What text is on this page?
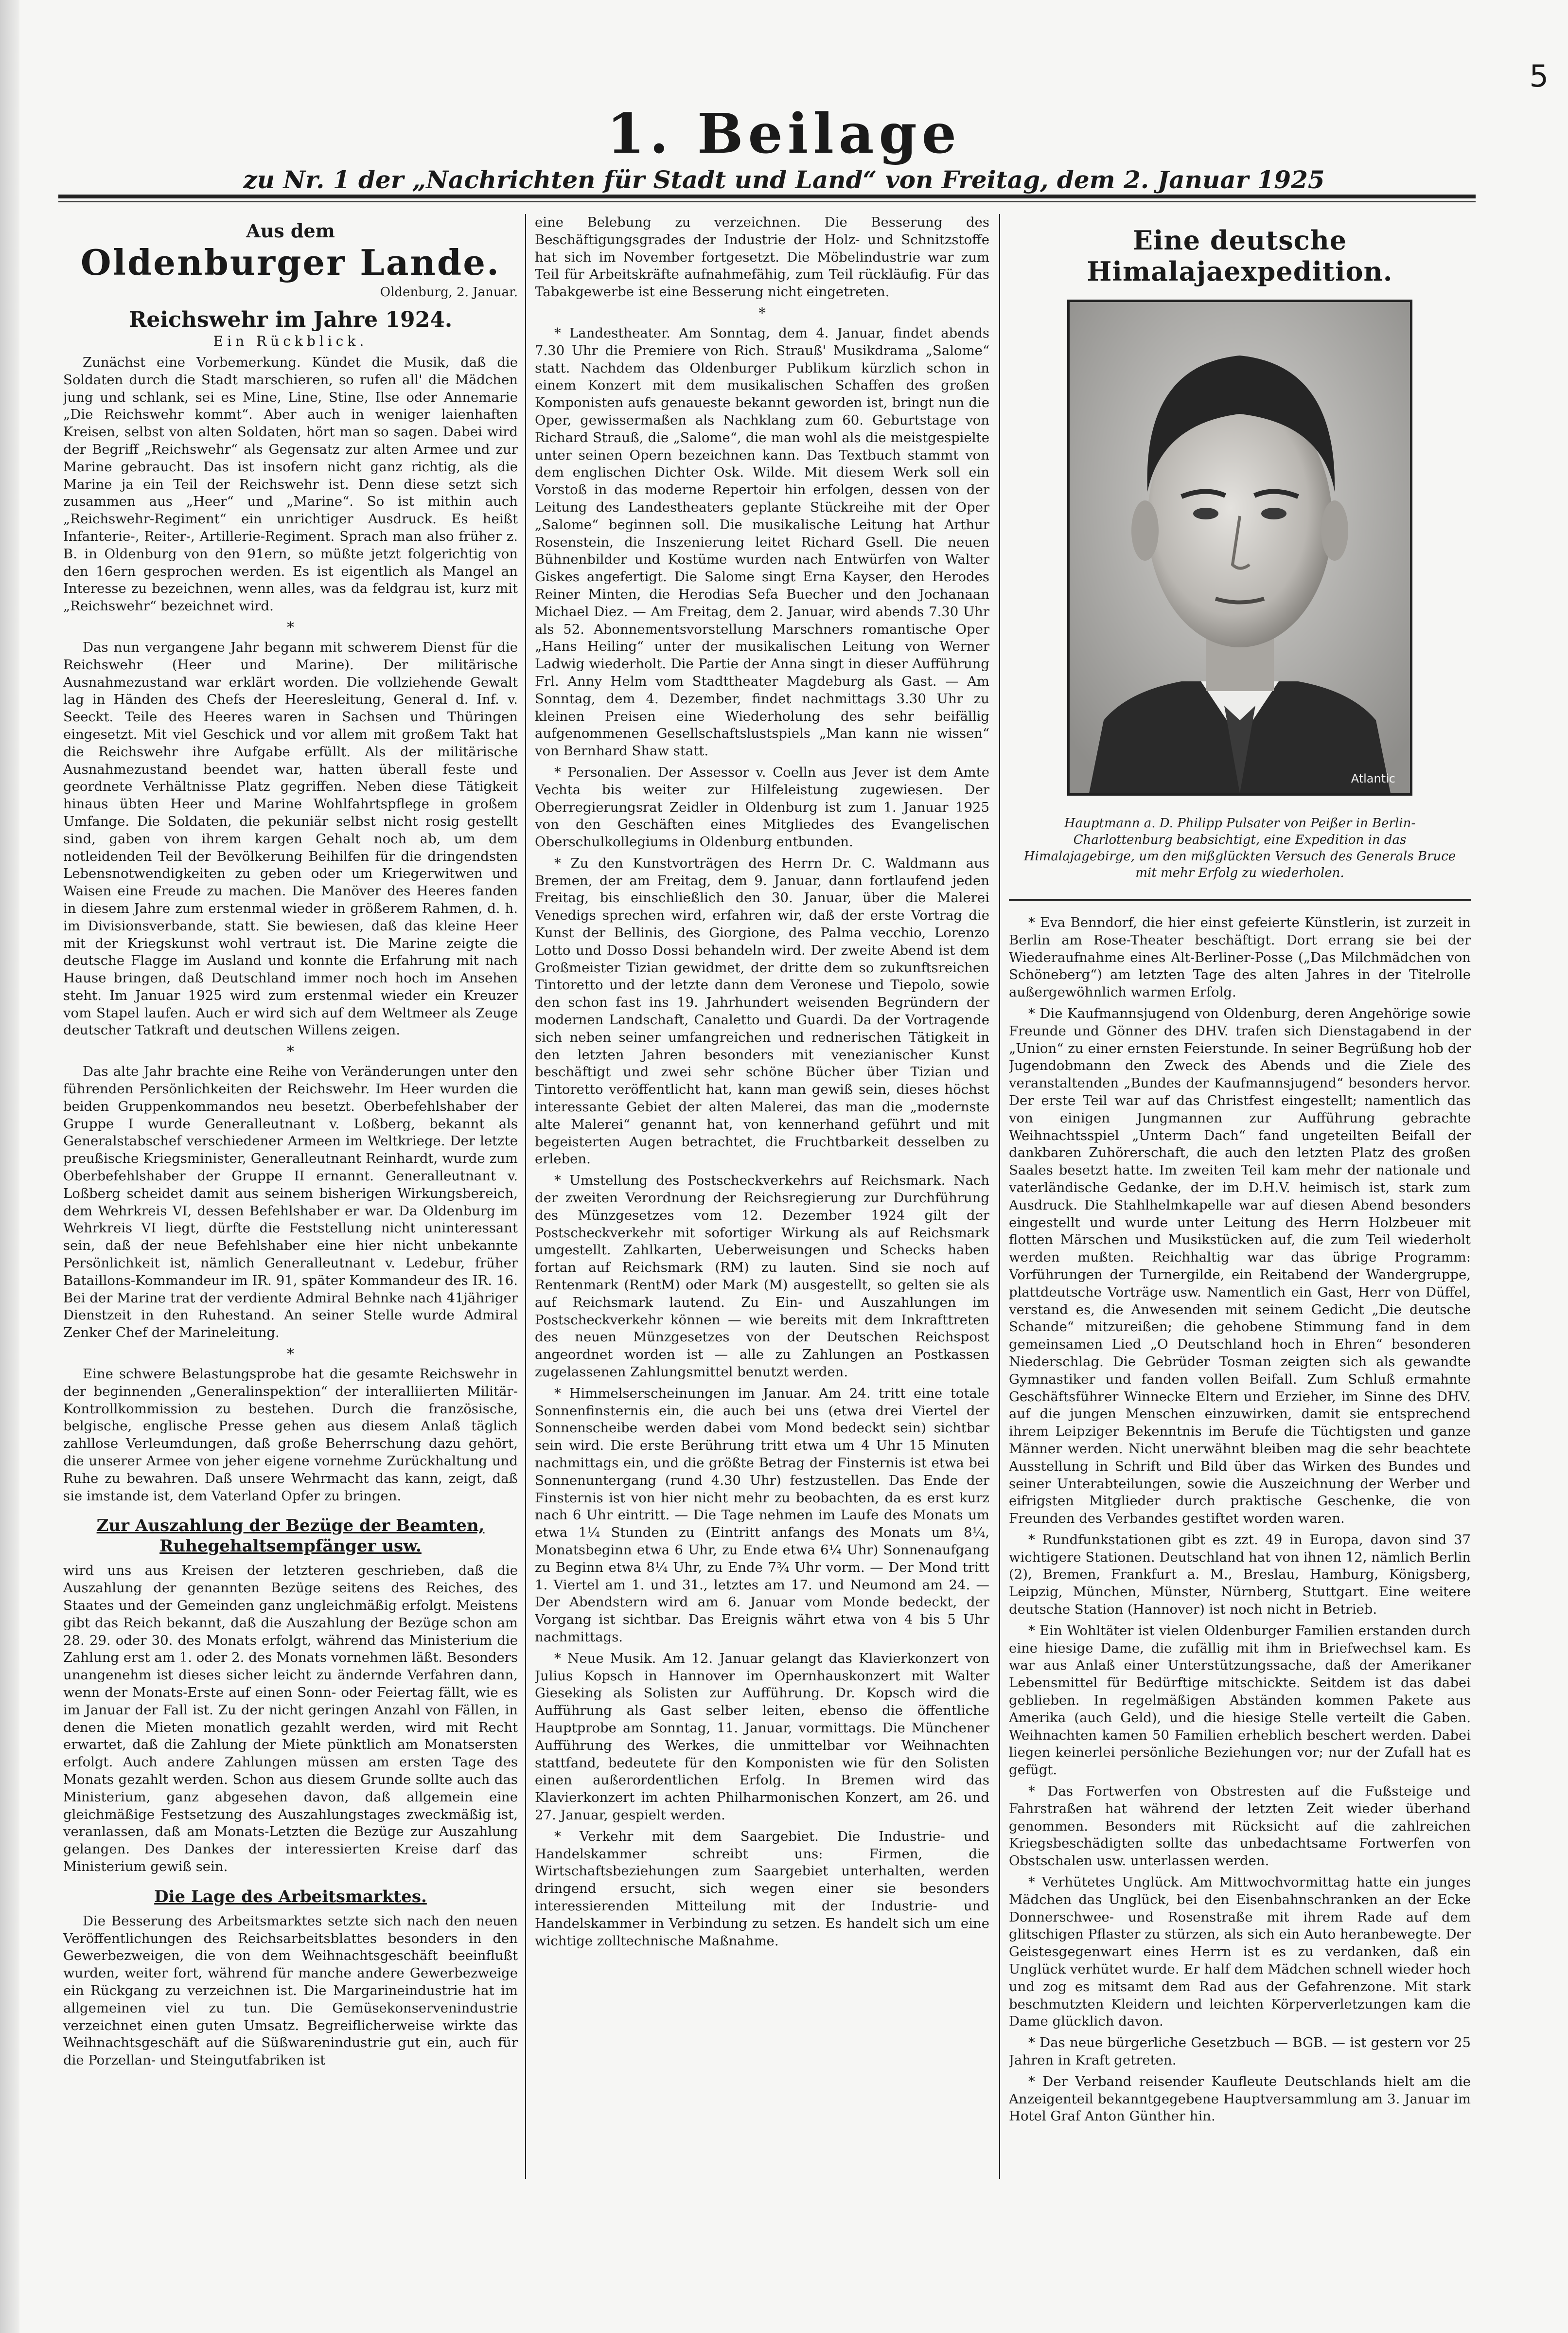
5
1. Beilage
zu Nr. 1 der „Nachrichten für Stadt und Land“ von Freitag, dem 2. Januar 1925
Aus dem
Oldenburger Lande.
Oldenburg, 2. Januar.
Reichswehr im Jahre 1924.
Ein Rückblick.

Zunächst eine Vorbemerkung. Kündet die Musik, daß die Soldaten durch die Stadt marschieren, so rufen all' die Mädchen jung und schlank, sei es Mine, Line, Stine, Ilse oder Annemarie „Die Reichswehr kommt“. Aber auch in weniger laienhaften Kreisen, selbst von alten Soldaten, hört man so sagen. Dabei wird der Begriff „Reichswehr“ als Gegensatz zur alten Armee und zur Marine gebraucht. Das ist insofern nicht ganz richtig, als die Marine ja ein Teil der Reichswehr ist. Denn diese setzt sich zusammen aus „Heer“ und „Marine“. So ist mithin auch „Reichswehr-Regiment“ ein unrichtiger Ausdruck. Es heißt Infanterie-, Reiter-, Artillerie-Regiment. Sprach man also früher z. B. in Oldenburg von den 91ern, so müßte jetzt folgerichtig von den 16ern gesprochen werden. Es ist eigentlich als Mangel an Interesse zu bezeichnen, wenn alles, was da feldgrau ist, kurz mit „Reichswehr“ bezeichnet wird.

*

Das nun vergangene Jahr begann mit schwerem Dienst für die Reichswehr (Heer und Marine). Der militärische Ausnahmezustand war erklärt worden. Die vollziehende Gewalt lag in Händen des Chefs der Heeresleitung, General d. Inf. v. Seeckt. Teile des Heeres waren in Sachsen und Thüringen eingesetzt. Mit viel Geschick und vor allem mit großem Takt hat die Reichswehr ihre Aufgabe erfüllt. Als der militärische Ausnahmezustand beendet war, hatten überall feste und geordnete Verhältnisse Platz gegriffen. Neben diese Tätigkeit hinaus übten Heer und Marine Wohlfahrtspflege in großem Umfange. Die Soldaten, die pekuniär selbst nicht rosig gestellt sind, gaben von ihrem kargen Gehalt noch ab, um dem notleidenden Teil der Bevölkerung Beihilfen für die dringendsten Lebensnotwendigkeiten zu geben oder um Kriegerwitwen und Waisen eine Freude zu machen. Die Manöver des Heeres fanden in diesem Jahre zum erstenmal wieder in größerem Rahmen, d. h. im Divisionsverbande, statt. Sie bewiesen, daß das kleine Heer mit der Kriegskunst wohl vertraut ist. Die Marine zeigte die deutsche Flagge im Ausland und konnte die Erfahrung mit nach Hause bringen, daß Deutschland immer noch hoch im Ansehen steht. Im Januar 1925 wird zum erstenmal wieder ein Kreuzer vom Stapel laufen. Auch er wird sich auf dem Weltmeer als Zeuge deutscher Tatkraft und deutschen Willens zeigen.

*

Das alte Jahr brachte eine Reihe von Veränderungen unter den führenden Persönlichkeiten der Reichswehr. Im Heer wurden die beiden Gruppenkommandos neu besetzt. Oberbefehlshaber der Gruppe I wurde Generalleutnant v. Loßberg, bekannt als Generalstabschef verschiedener Armeen im Weltkriege. Der letzte preußische Kriegsminister, Generalleutnant Reinhardt, wurde zum Oberbefehlshaber der Gruppe II ernannt. Generalleutnant v. Loßberg scheidet damit aus seinem bisherigen Wirkungsbereich, dem Wehrkreis VI, dessen Befehlshaber er war. Da Oldenburg im Wehrkreis VI liegt, dürfte die Feststellung nicht uninteressant sein, daß der neue Befehlshaber eine hier nicht unbekannte Persönlichkeit ist, nämlich Generalleutnant v. Ledebur, früher Bataillons-Kommandeur im IR. 91, später Kommandeur des IR. 16. Bei der Marine trat der verdiente Admiral Behnke nach 41jähriger Dienstzeit in den Ruhestand. An seiner Stelle wurde Admiral Zenker Chef der Marineleitung.

*

Eine schwere Belastungsprobe hat die gesamte Reichswehr in der beginnenden „Generalinspektion“ der interalliierten Militär-Kontrollkommission zu bestehen. Durch die französische, belgische, englische Presse gehen aus diesem Anlaß täglich zahllose Verleumdungen, daß große Beherrschung dazu gehört, die unserer Armee von jeher eigene vornehme Zurückhaltung und Ruhe zu bewahren. Daß unsere Wehrmacht das kann, zeigt, daß sie imstande ist, dem Vaterland Opfer zu bringen.

Zur Auszahlung der Bezüge der Beamten, Ruhegehaltsempfänger usw.

wird uns aus Kreisen der letzteren geschrieben, daß die Auszahlung der genannten Bezüge seitens des Reiches, des Staates und der Gemeinden ganz ungleichmäßig erfolgt. Meistens gibt das Reich bekannt, daß die Auszahlung der Bezüge schon am 28. 29. oder 30. des Monats erfolgt, während das Ministerium die Zahlung erst am 1. oder 2. des Monats vornehmen läßt. Besonders unangenehm ist dieses sicher leicht zu ändernde Verfahren dann, wenn der Monats-Erste auf einen Sonn- oder Feiertag fällt, wie es im Januar der Fall ist. Zu der nicht geringen Anzahl von Fällen, in denen die Mieten monatlich gezahlt werden, wird mit Recht erwartet, daß die Zahlung der Miete pünktlich am Monatsersten erfolgt. Auch andere Zahlungen müssen am ersten Tage des Monats gezahlt werden. Schon aus diesem Grunde sollte auch das Ministerium, ganz abgesehen davon, daß allgemein eine gleichmäßige Festsetzung des Auszahlungstages zweckmäßig ist, veranlassen, daß am Monats-Letzten die Bezüge zur Auszahlung gelangen. Des Dankes der interessierten Kreise darf das Ministerium gewiß sein.

Die Lage des Arbeitsmarktes.

Die Besserung des Arbeitsmarktes setzte sich nach den neuen Veröffentlichungen des Reichsarbeitsblattes besonders in den Gewerbezweigen, die von dem Weihnachtsgeschäft beeinflußt wurden, weiter fort, während für manche andere Gewerbezweige ein Rückgang zu verzeichnen ist. Die Margarineindustrie hat im allgemeinen viel zu tun. Die Gemüsekonservenindustrie verzeichnet einen guten Umsatz. Begreiflicherweise wirkte das Weihnachtsgeschäft auf die Süßwarenindustrie gut ein, auch für die Porzellan- und Steingutfabriken ist

eine Belebung zu verzeichnen. Die Besserung des Beschäftigungsgrades der Industrie der Holz- und Schnitzstoffe hat sich im November fortgesetzt. Die Möbelindustrie war zum Teil für Arbeitskräfte aufnahmefähig, zum Teil rückläufig. Für das Tabakgewerbe ist eine Besserung nicht eingetreten.

*

* Landestheater. Am Sonntag, dem 4. Januar, findet abends 7.30 Uhr die Premiere von Rich. Strauß' Musikdrama „Salome“ statt. Nachdem das Oldenburger Publikum kürzlich schon in einem Konzert mit dem musikalischen Schaffen des großen Komponisten aufs genaueste bekannt geworden ist, bringt nun die Oper, gewissermaßen als Nachklang zum 60. Geburtstage von Richard Strauß, die „Salome“, die man wohl als die meistgespielte unter seinen Opern bezeichnen kann. Das Textbuch stammt von dem englischen Dichter Osk. Wilde. Mit diesem Werk soll ein Vorstoß in das moderne Repertoir hin erfolgen, dessen von der Leitung des Landestheaters geplante Stückreihe mit der Oper „Salome“ beginnen soll. Die musikalische Leitung hat Arthur Rosenstein, die Inszenierung leitet Richard Gsell. Die neuen Bühnenbilder und Kostüme wurden nach Entwürfen von Walter Giskes angefertigt. Die Salome singt Erna Kayser, den Herodes Reiner Minten, die Herodias Sefa Buecher und den Jochanaan Michael Diez. — Am Freitag, dem 2. Januar, wird abends 7.30 Uhr als 52. Abonnementsvorstellung Marschners romantische Oper „Hans Heiling“ unter der musikalischen Leitung von Werner Ladwig wiederholt. Die Partie der Anna singt in dieser Aufführung Frl. Anny Helm vom Stadttheater Magdeburg als Gast. — Am Sonntag, dem 4. Dezember, findet nachmittags 3.30 Uhr zu kleinen Preisen eine Wiederholung des sehr beifällig aufgenommenen Gesellschaftslustspiels „Man kann nie wissen“ von Bernhard Shaw statt.

* Personalien. Der Assessor v. Coelln aus Jever ist dem Amte Vechta bis weiter zur Hilfeleistung zugewiesen. Der Oberregierungsrat Zeidler in Oldenburg ist zum 1. Januar 1925 von den Geschäften eines Mitgliedes des Evangelischen Oberschulkollegiums in Oldenburg entbunden.

* Zu den Kunstvorträgen des Herrn Dr. C. Waldmann aus Bremen, der am Freitag, dem 9. Januar, dann fortlaufend jeden Freitag, bis einschließlich den 30. Januar, über die Malerei Venedigs sprechen wird, erfahren wir, daß der erste Vortrag die Kunst der Bellinis, des Giorgione, des Palma vecchio, Lorenzo Lotto und Dosso Dossi behandeln wird. Der zweite Abend ist dem Großmeister Tizian gewidmet, der dritte dem so zukunftsreichen Tintoretto und der letzte dann dem Veronese und Tiepolo, sowie den schon fast ins 19. Jahrhundert weisenden Begründern der modernen Landschaft, Canaletto und Guardi. Da der Vortragende sich neben seiner umfangreichen und rednerischen Tätigkeit in den letzten Jahren besonders mit venezianischer Kunst beschäftigt und zwei sehr schöne Bücher über Tizian und Tintoretto veröffentlicht hat, kann man gewiß sein, dieses höchst interessante Gebiet der alten Malerei, das man die „modernste alte Malerei“ genannt hat, von kennerhand geführt und mit begeisterten Augen betrachtet, die Fruchtbarkeit desselben zu erleben.

* Umstellung des Postscheckverkehrs auf Reichsmark. Nach der zweiten Verordnung der Reichsregierung zur Durchführung des Münzgesetzes vom 12. Dezember 1924 gilt der Postscheckverkehr mit sofortiger Wirkung als auf Reichsmark umgestellt. Zahlkarten, Ueberweisungen und Schecks haben fortan auf Reichsmark (RM) zu lauten. Sind sie noch auf Rentenmark (RentM) oder Mark (M) ausgestellt, so gelten sie als auf Reichsmark lautend. Zu Ein- und Auszahlungen im Postscheckverkehr können — wie bereits mit dem Inkrafttreten des neuen Münzgesetzes von der Deutschen Reichspost angeordnet worden ist — alle zu Zahlungen an Postkassen zugelassenen Zahlungsmittel benutzt werden.

* Himmelserscheinungen im Januar. Am 24. tritt eine totale Sonnenfinsternis ein, die auch bei uns (etwa drei Viertel der Sonnenscheibe werden dabei vom Mond bedeckt sein) sichtbar sein wird. Die erste Berührung tritt etwa um 4 Uhr 15 Minuten nachmittags ein, und die größte Betrag der Finsternis ist etwa bei Sonnenuntergang (rund 4.30 Uhr) festzustellen. Das Ende der Finsternis ist von hier nicht mehr zu beobachten, da es erst kurz nach 6 Uhr eintritt. — Die Tage nehmen im Laufe des Monats um etwa 1¼ Stunden zu (Eintritt anfangs des Monats um 8¼, Monatsbeginn etwa 6 Uhr, zu Ende etwa 6¼ Uhr) Sonnenaufgang zu Beginn etwa 8¼ Uhr, zu Ende 7¾ Uhr vorm. — Der Mond tritt 1. Viertel am 1. und 31., letztes am 17. und Neumond am 24. — Der Abendstern wird am 6. Januar vom Monde bedeckt, der Vorgang ist sichtbar. Das Ereignis währt etwa von 4 bis 5 Uhr nachmittags.

* Neue Musik. Am 12. Januar gelangt das Klavierkonzert von Julius Kopsch in Hannover im Opernhauskonzert mit Walter Gieseking als Solisten zur Aufführung. Dr. Kopsch wird die Aufführung als Gast selber leiten, ebenso die öffentliche Hauptprobe am Sonntag, 11. Januar, vormittags. Die Münchener Aufführung des Werkes, die unmittelbar vor Weihnachten stattfand, bedeutete für den Komponisten wie für den Solisten einen außerordentlichen Erfolg. In Bremen wird das Klavierkonzert im achten Philharmonischen Konzert, am 26. und 27. Januar, gespielt werden.

* Verkehr mit dem Saargebiet. Die Industrie- und Handelskammer schreibt uns: Firmen, die Wirtschaftsbeziehungen zum Saargebiet unterhalten, werden dringend ersucht, sich wegen einer sie besonders interessierenden Mitteilung mit der Industrie- und Handelskammer in Verbindung zu setzen. Es handelt sich um eine wichtige zolltechnische Maßnahme.

Eine deutsche Himalajaexpedition.
Atlantic
Hauptmann a. D. Philipp Pulsater von Peißer in Berlin-Charlottenburg beabsichtigt, eine Expedition in das Himalajagebirge, um den mißglückten Versuch des Generals Bruce mit mehr Erfolg zu wiederholen.

* Eva Benndorf, die hier einst gefeierte Künstlerin, ist zurzeit in Berlin am Rose-Theater beschäftigt. Dort errang sie bei der Wiederaufnahme eines Alt-Berliner-Posse („Das Milchmädchen von Schöneberg“) am letzten Tage des alten Jahres in der Titelrolle außergewöhnlich warmen Erfolg.

* Die Kaufmannsjugend von Oldenburg, deren Angehörige sowie Freunde und Gönner des DHV. trafen sich Dienstagabend in der „Union“ zu einer ernsten Feierstunde. In seiner Begrüßung hob der Jugendobmann den Zweck des Abends und die Ziele des veranstaltenden „Bundes der Kaufmannsjugend“ besonders hervor. Der erste Teil war auf das Christfest eingestellt; namentlich das von einigen Jungmannen zur Aufführung gebrachte Weihnachtsspiel „Unterm Dach“ fand ungeteilten Beifall der dankbaren Zuhörerschaft, die auch den letzten Platz des großen Saales besetzt hatte. Im zweiten Teil kam mehr der nationale und vaterländische Gedanke, der im D.H.V. heimisch ist, stark zum Ausdruck. Die Stahlhelmkapelle war auf diesen Abend besonders eingestellt und wurde unter Leitung des Herrn Holzbeuer mit flotten Märschen und Musikstücken auf, die zum Teil wiederholt werden mußten. Reichhaltig war das übrige Programm: Vorführungen der Turnergilde, ein Reitabend der Wandergruppe, plattdeutsche Vorträge usw. Namentlich ein Gast, Herr von Düffel, verstand es, die Anwesenden mit seinem Gedicht „Die deutsche Schande“ mitzureißen; die gehobene Stimmung fand in dem gemeinsamen Lied „O Deutschland hoch in Ehren“ besonderen Niederschlag. Die Gebrüder Tosman zeigten sich als gewandte Gymnastiker und fanden vollen Beifall. Zum Schluß ermahnte Geschäftsführer Winnecke Eltern und Erzieher, im Sinne des DHV. auf die jungen Menschen einzuwirken, damit sie entsprechend ihrem Leipziger Bekenntnis im Berufe die Tüchtigsten und ganze Männer werden. Nicht unerwähnt bleiben mag die sehr beachtete Ausstellung in Schrift und Bild über das Wirken des Bundes und seiner Unterabteilungen, sowie die Auszeichnung der Werber und eifrigsten Mitglieder durch praktische Geschenke, die von Freunden des Verbandes gestiftet worden waren.

* Rundfunkstationen gibt es zzt. 49 in Europa, davon sind 37 wichtigere Stationen. Deutschland hat von ihnen 12, nämlich Berlin (2), Bremen, Frankfurt a. M., Breslau, Hamburg, Königsberg, Leipzig, München, Münster, Nürnberg, Stuttgart. Eine weitere deutsche Station (Hannover) ist noch nicht in Betrieb.

* Ein Wohltäter ist vielen Oldenburger Familien erstanden durch eine hiesige Dame, die zufällig mit ihm in Briefwechsel kam. Es war aus Anlaß einer Unterstützungssache, daß der Amerikaner Lebensmittel für Bedürftige mitschickte. Seitdem ist das dabei geblieben. In regelmäßigen Abständen kommen Pakete aus Amerika (auch Geld), und die hiesige Stelle verteilt die Gaben. Weihnachten kamen 50 Familien erheblich beschert werden. Dabei liegen keinerlei persönliche Beziehungen vor; nur der Zufall hat es gefügt.

* Das Fortwerfen von Obstresten auf die Fußsteige und Fahrstraßen hat während der letzten Zeit wieder überhand genommen. Besonders mit Rücksicht auf die zahlreichen Kriegsbeschädigten sollte das unbedachtsame Fortwerfen von Obstschalen usw. unterlassen werden.

* Verhütetes Unglück. Am Mittwochvormittag hatte ein junges Mädchen das Unglück, bei den Eisenbahnschranken an der Ecke Donnerschwee- und Rosenstraße mit ihrem Rade auf dem glitschigen Pflaster zu stürzen, als sich ein Auto heranbewegte. Der Geistesgegenwart eines Herrn ist es zu verdanken, daß ein Unglück verhütet wurde. Er half dem Mädchen schnell wieder hoch und zog es mitsamt dem Rad aus der Gefahrenzone. Mit stark beschmutzten Kleidern und leichten Körperverletzungen kam die Dame glücklich davon.

* Das neue bürgerliche Gesetzbuch — BGB. — ist gestern vor 25 Jahren in Kraft getreten.

* Der Verband reisender Kaufleute Deutschlands hielt am die Anzeigenteil bekanntgegebene Hauptversammlung am 3. Januar im Hotel Graf Anton Günther hin.
